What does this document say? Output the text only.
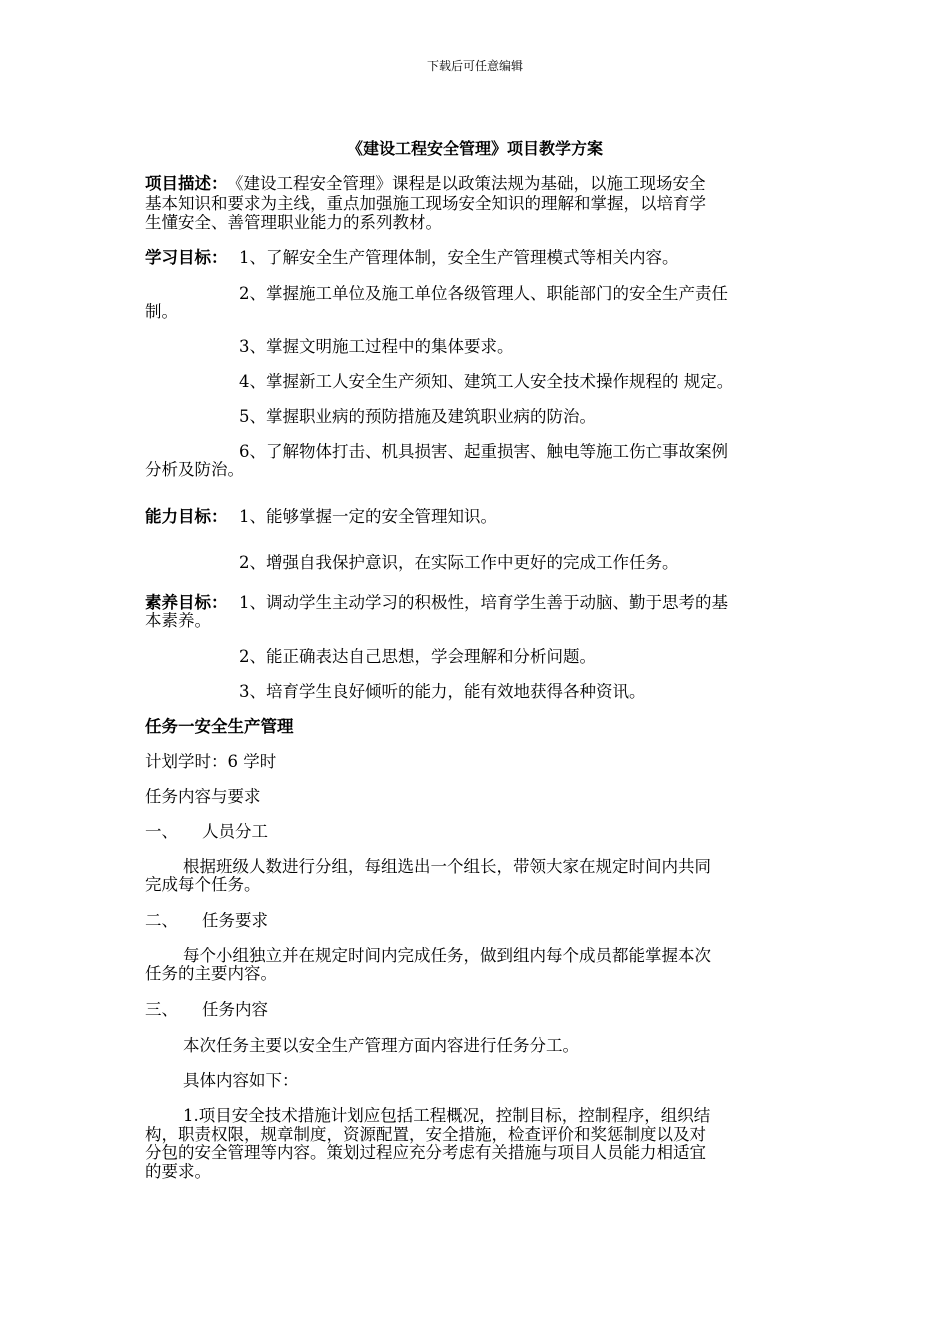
下载后可任意编辑
《建设工程安全管理》项目教学方案
项目描述： 《建设工程安全管理》课程是以政策法规为基础，以施工现场安全
基本知识和要求为主线，重点加强施工现场安全知识的理解和掌握，以培育学
生懂安全、善管理职业能力的系列教材。
学习目标： 1、了解安全生产管理体制，安全生产管理模式等相关内容。
2、掌握施工单位及施工单位各级管理人、职能部门的安全生产责任
制。
3、掌握文明施工过程中的集体要求。
4、掌握新工人安全生产须知、建筑工人安全技术操作规程的 规定。
5、掌握职业病的预防措施及建筑职业病的防治。
6、了解物体打击、机具损害、起重损害、触电等施工伤亡事故案例
分析及防治。
能力目标： 1、能够掌握一定的安全管理知识。
2、增强自我保护意识，在实际工作中更好的完成工作任务。
素养目标： 1、调动学生主动学习的积极性，培育学生善于动脑、勤于思考的基
本素养。
2、能正确表达自己思想，学会理解和分析问题。
3、培育学生良好倾听的能力，能有效地获得各种资讯。
任务一安全生产管理
计划学时：6 学时
任务内容与要求
一、 人员分工
根据班级人数进行分组，每组选出一个组长，带领大家在规定时间内共同
完成每个任务。
二、 任务要求
每个小组独立并在规定时间内完成任务，做到组内每个成员都能掌握本次
任务的主要内容。
三、 任务内容
本次任务主要以安全生产管理方面内容进行任务分工。
具体内容如下：
1.项目安全技术措施计划应包括工程概况，控制目标，控制程序，组织结
构，职责权限，规章制度，资源配置，安全措施，检查评价和奖惩制度以及对
分包的安全管理等内容。策划过程应充分考虑有关措施与项目人员能力相适宜
的要求。
